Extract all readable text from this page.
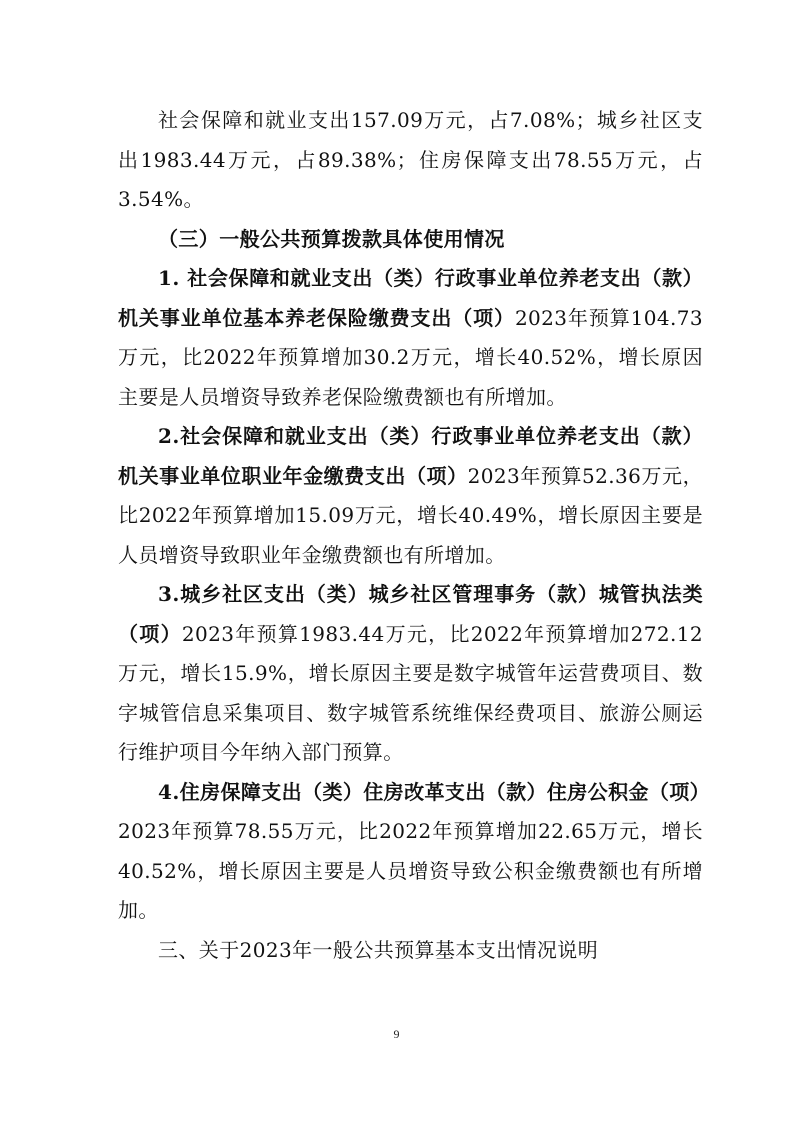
社会保障和就业支出157.09万元，占7.08%；城乡社区支出1983.44万元，占89.38%；住房保障支出78.55万元，占3.54%。

（三）一般公共预算拨款具体使用情况

1. 社会保障和就业支出（类）行政事业单位养老支出（款）机关事业单位基本养老保险缴费支出（项）2023年预算104.73万元，比2022年预算增加30.2万元，增长40.52%，增长原因主要是人员增资导致养老保险缴费额也有所增加。

2.社会保障和就业支出（类）行政事业单位养老支出（款）机关事业单位职业年金缴费支出（项）2023年预算52.36万元，比2022年预算增加15.09万元，增长40.49%，增长原因主要是人员增资导致职业年金缴费额也有所增加。

3.城乡社区支出（类）城乡社区管理事务（款）城管执法类（项）2023年预算1983.44万元，比2022年预算增加272.12万元，增长15.9%，增长原因主要是数字城管年运营费项目、数字城管信息采集项目、数字城管系统维保经费项目、旅游公厕运行维护项目今年纳入部门预算。

4.住房保障支出（类）住房改革支出（款）住房公积金（项）2023年预算78.55万元，比2022年预算增加22.65万元，增长40.52%，增长原因主要是人员增资导致公积金缴费额也有所增加。

三、关于2023年一般公共预算基本支出情况说明

9
